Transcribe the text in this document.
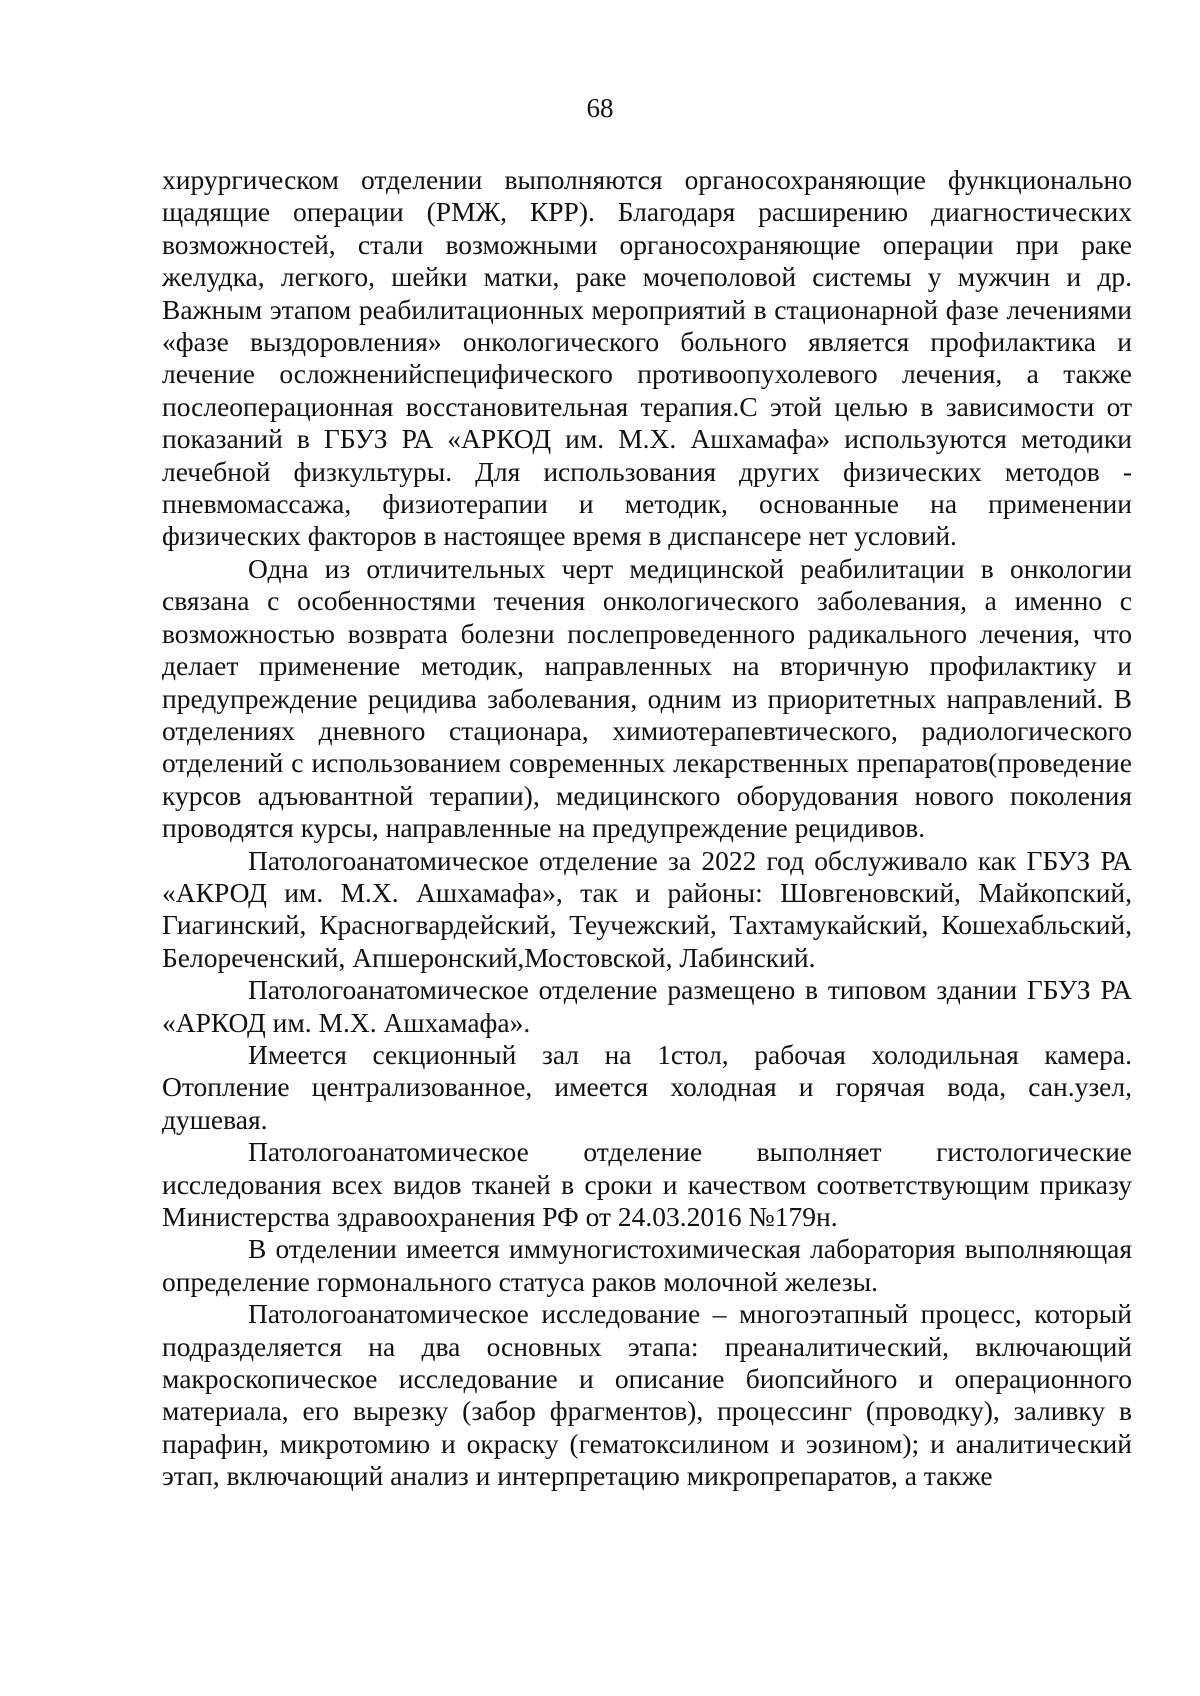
68

хирургическом отделении выполняются органосохраняющие функционально щадящие операции (РМЖ, КРР). Благодаря расширению диагностических возможностей, стали возможными органосохраняющие операции при раке желудка, легкого, шейки матки, раке мочеполовой системы у мужчин и др. Важным этапом реабилитационных мероприятий в стационарной фазе лечениями «фазе выздоровления» онкологического больного является профилактика и лечение осложненийспецифического противоопухолевого лечения, а также послеоперационная восстановительная терапия.С этой целью в зависимости от показаний в ГБУЗ РА «АРКОД им. М.Х. Ашхамафа» используются методики лечебной физкультуры. Для использования других физических методов - пневмомассажа, физиотерапии и методик, основанные на применении физических факторов в настоящее время в диспансере нет условий.

Одна из отличительных черт медицинской реабилитации в онкологии связана с особенностями течения онкологического заболевания, а именно с возможностью возврата болезни послепроведенного радикального лечения, что делает применение методик, направленных на вторичную профилактику и предупреждение рецидива заболевания, одним из приоритетных направлений. В отделениях дневного стационара, химиотерапевтического, радиологического отделений с использованием современных лекарственных препаратов(проведение курсов адъювантной терапии), медицинского оборудования нового поколения проводятся курсы, направленные на предупреждение рецидивов.

Патологоанатомическое отделение за 2022 год обслуживало как ГБУЗ РА «АКРОД им. М.Х. Ашхамафа», так и районы: Шовгеновский, Майкопский, Гиагинский, Красногвардейский, Теучежский, Тахтамукайский, Кошехабльский, Белореченский, Апшеронский,Мостовской, Лабинский.

Патологоанатомическое отделение размещено в типовом здании ГБУЗ РА «АРКОД им. М.Х. Ашхамафа».

Имеется секционный зал на 1стол, рабочая холодильная камера. Отопление централизованное, имеется холодная и горячая вода, сан.узел, душевая.

Патологоанатомическое отделение выполняет гистологические исследования всех видов тканей в сроки и качеством соответствующим приказу Министерства здравоохранения РФ от 24.03.2016 №179н.

В отделении имеется иммуногистохимическая лаборатория выполняющая определение гормонального статуса раков молочной железы.

Патологоанатомическое исследование – многоэтапный процесс, который подразделяется на два основных этапа: преаналитический, включающий макроскопическое исследование и описание биопсийного и операционного материала, его вырезку (забор фрагментов), процессинг (проводку), заливку в парафин, микротомию и окраску (гематоксилином и эозином); и аналитический этап, включающий анализ и интерпретацию микропрепаратов, а также
